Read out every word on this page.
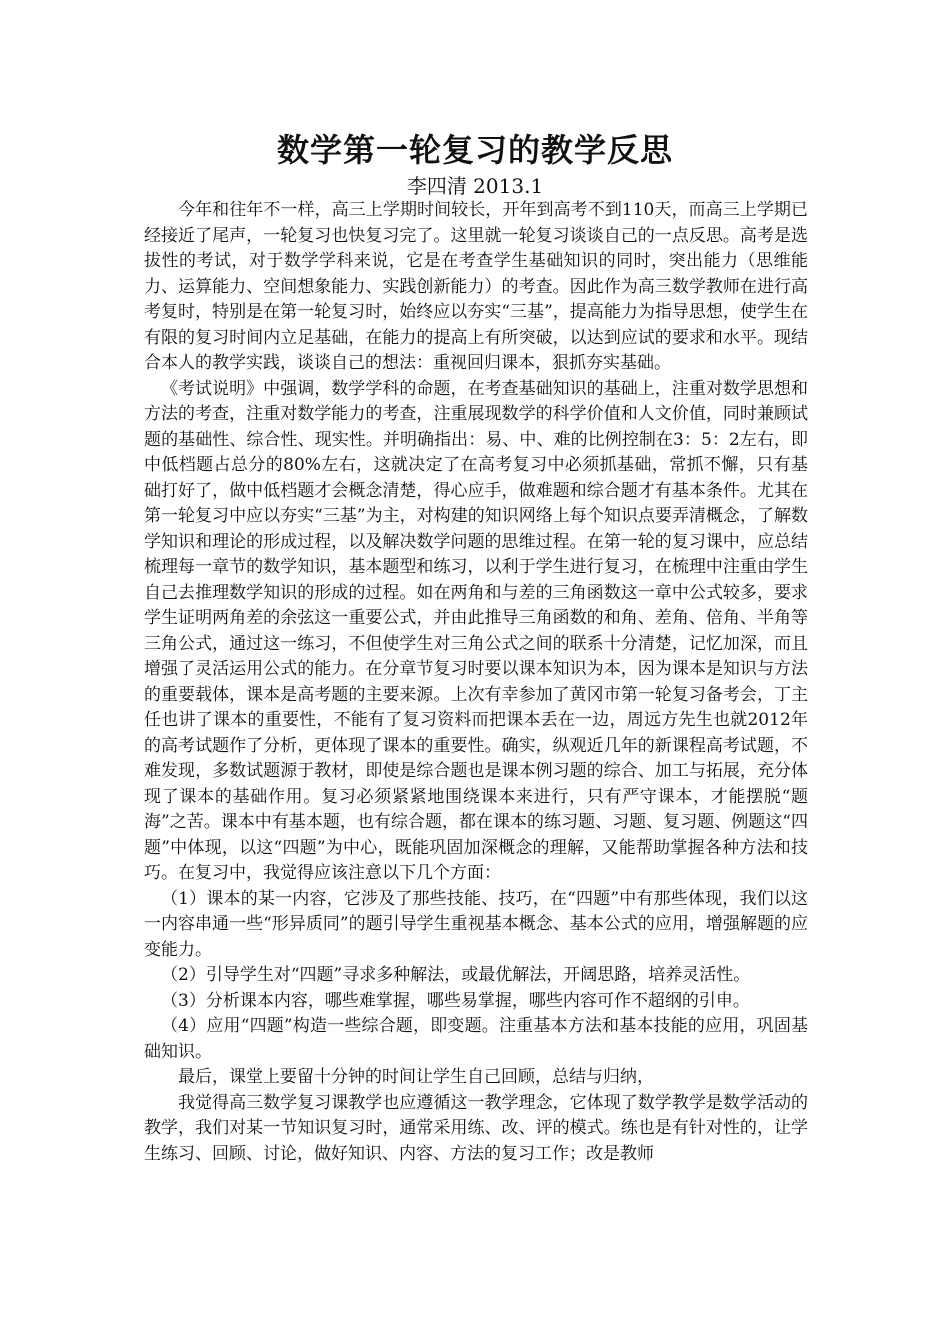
数学第一轮复习的教学反思

李四清 2013.1

今年和往年不一样，高三上学期时间较长，开年到高考不到110天，而高三上学期已经接近了尾声，一轮复习也快复习完了。这里就一轮复习谈谈自己的一点反思。高考是选拔性的考试，对于数学学科来说，它是在考查学生基础知识的同时，突出能力（思维能力、运算能力、空间想象能力、实践创新能力）的考查。因此作为高三数学教师在进行高考复时，特别是在第一轮复习时，始终应以夯实“三基”，提高能力为指导思想，使学生在有限的复习时间内立足基础，在能力的提高上有所突破，以达到应试的要求和水平。现结合本人的教学实践，谈谈自己的想法：重视回归课本，狠抓夯实基础。

《考试说明》中强调，数学学科的命题，在考查基础知识的基础上，注重对数学思想和方法的考查，注重对数学能力的考查，注重展现数学的科学价值和人文价值，同时兼顾试题的基础性、综合性、现实性。并明确指出：易、中、难的比例控制在3：5：2左右，即中低档题占总分的80%左右，这就决定了在高考复习中必须抓基础，常抓不懈，只有基础打好了，做中低档题才会概念清楚，得心应手，做难题和综合题才有基本条件。尤其在第一轮复习中应以夯实“三基”为主，对构建的知识网络上每个知识点要弄清概念，了解数学知识和理论的形成过程，以及解决数学问题的思维过程。在第一轮的复习课中，应总结梳理每一章节的数学知识，基本题型和练习，以利于学生进行复习，在梳理中注重由学生自己去推理数学知识的形成的过程。如在两角和与差的三角函数这一章中公式较多，要求学生证明两角差的余弦这一重要公式，并由此推导三角函数的和角、差角、倍角、半角等三角公式，通过这一练习，不但使学生对三角公式之间的联系十分清楚，记忆加深，而且增强了灵活运用公式的能力。在分章节复习时要以课本知识为本，因为课本是知识与方法的重要载体，课本是高考题的主要来源。上次有幸参加了黄冈市第一轮复习备考会，丁主任也讲了课本的重要性，不能有了复习资料而把课本丢在一边，周远方先生也就2012年的高考试题作了分析，更体现了课本的重要性。确实，纵观近几年的新课程高考试题，不难发现，多数试题源于教材，即使是综合题也是课本例习题的综合、加工与拓展，充分体现了课本的基础作用。复习必须紧紧地围绕课本来进行，只有严守课本，才能摆脱“题海”之苦。课本中有基本题，也有综合题，都在课本的练习题、习题、复习题、例题这“四题”中体现，以这“四题”为中心，既能巩固加深概念的理解，又能帮助掌握各种方法和技巧。在复习中，我觉得应该注意以下几个方面：

（1）课本的某一内容，它涉及了那些技能、技巧，在“四题”中有那些体现，我们以这一内容串通一些“形异质同”的题引导学生重视基本概念、基本公式的应用，增强解题的应变能力。

（2）引导学生对“四题”寻求多种解法，或最优解法，开阔思路，培养灵活性。

（3）分析课本内容，哪些难掌握，哪些易掌握，哪些内容可作不超纲的引申。

（4）应用“四题”构造一些综合题，即变题。注重基本方法和基本技能的应用，巩固基础知识。

最后，课堂上要留十分钟的时间让学生自己回顾，总结与归纳，

我觉得高三数学复习课教学也应遵循这一教学理念，它体现了数学教学是数学活动的教学，我们对某一节知识复习时，通常采用练、改、评的模式。练也是有针对性的，让学生练习、回顾、讨论，做好知识、内容、方法的复习工作；改是教师
